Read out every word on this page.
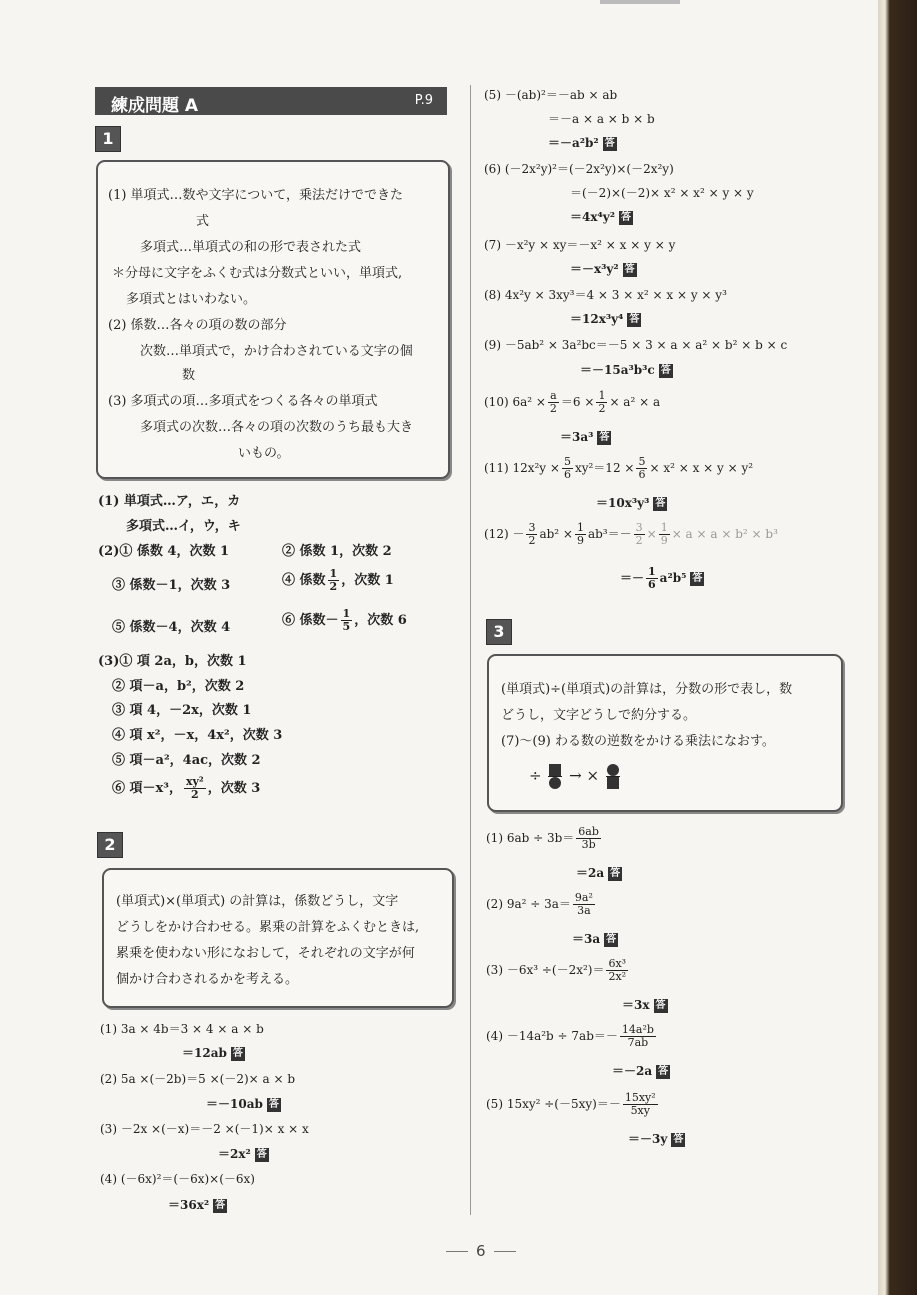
練成問題 A	P.9
1
(1) 単項式…数や文字について，乗法だけでできた
式
多項式…単項式の和の形で表された式
＊分母に文字をふくむ式は分数式といい，単項式,
多項式とはいわない。
(2) 係数…各々の項の数の部分
次数…単項式で，かけ合わされている文字の個
数
(3) 多項式の項…多項式をつくる各々の単項式
多項式の次数…各々の項の次数のうち最も大き
いもの。
(1) 単項式…ア，エ，カ
多項式…イ，ウ，キ
(2)① 係数 4，次数 1	② 係数 1，次数 2
③ 係数－1，次数 3	④ 係数 $\frac{1}{2}$ ，次数 1
⑤ 係数－4，次数 4	⑥ 係数－ $\frac{1}{5}$ ，次数 6
(3)① 項 2a，b，次数 1
② 項－a，b²，次数 2
③ 項 4，－2x，次数 1
④ 項 x²，－x，4x²，次数 3
⑤ 項－a²，4ac，次数 2
⑥ 項－x³， $\frac{\text{xy²}}{2}$ ，次数 3
2
(単項式)×(単項式) の計算は，係数どうし，文字
どうしをかけ合わせる。累乗の計算をふくむときは,
累乗を使わない形になおして，それぞれの文字が何
個かけ合わされるかを考える。
(1) 3a × 4b＝3 × 4 × a × b
＝12ab 答
(2) 5a ×(－2b)＝5 ×(－2)× a × b
＝－10ab 答
(3) －2x ×(－x)＝－2 ×(－1)× x × x
＝2x² 答
(4) (－6x)²＝(－6x)×(－6x)
＝36x² 答
(5) －(ab)²＝－ab × ab
＝－a × a × b × b
＝－a²b² 答
(6) (－2x²y)²＝(－2x²y)×(－2x²y)
＝(－2)×(－2)× x² × x² × y × y
＝4x⁴y² 答
(7) －x²y × xy＝－x² × x × y × y
＝－x³y² 答
(8) 4x²y × 3xy³＝4 × 3 × x² × x × y × y³
＝12x³y⁴ 答
(9) －5ab² × 3a²bc＝－5 × 3 × a × a² × b² × b × c
＝－15a³b³c 答
(10) $6a^2 \times \frac{a}{2} =6 \times \frac{1}{2} \times a^2 \times a$
＝3a³ 答
(11) $12x^2y \times \frac{5}{6} xy^2=12 \times \frac{5}{6} \times x^2 \times x \times y \times y^2$
＝10x³y³ 答
$(12) - \frac{3}{2} ab^2 \times \frac{1}{9} ab^3=- \frac{3}{2} \times \frac{1}{9} \times a \times a \times b^2 \times b^3$
＝－ $\frac{1}{6} a^2b^5$ 答
3
(単項式)÷(単項式)の計算は，分数の形で表し，数
どうし，文字どうしで約分する。
(7)～(9) わる数の逆数をかける乗法になおす。
÷ → ×
(1) $6ab \div 3b= \frac{6ab}{3b}$
＝2a 答
(2) $9a^2 \div 3a= \frac{\text{9a²}}{3a}$
＝3a 答
$(3) -6x^3 \div(-2x^2)= \frac{\text{6x³}}{\text{2x²}}$
＝3x 答
$(4) -14a^2b \div 7ab=- \frac{\text{14a²b}}{7ab}$
＝－2a 答
(5) $15xy^2 \div(-5xy)=- \frac{\text{15xy²}}{5xy}$
＝－3y 答
6
